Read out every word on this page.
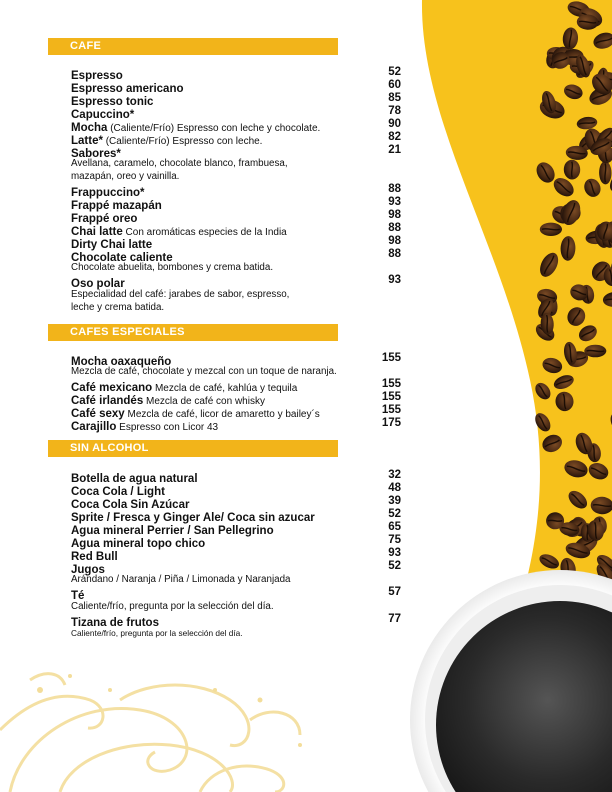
CAFE
CAFES ESPECIALES
SIN ALCOHOL
Espresso	52
Espresso americano	60
Espresso tonic	85
Capuccino*	78
Mocha (Caliente/Frío) Espresso con leche y chocolate.	90
Latte* (Caliente/Frío) Espresso con leche.	82
Sabores*	21
Avellana, caramelo, chocolate blanco, frambuesa,
mazapán, oreo y vainilla.
Frappuccino*	88
Frappé mazapán	93
Frappé oreo	98
Chai latte Con aromáticas especies de la India	88
Dirty Chai latte	98
Chocolate caliente	88
Chocolate abuelita, bombones y crema batida.
Oso polar	93
Especialidad del café: jarabes de sabor, espresso,
leche y crema batida.
Mocha oaxaqueño	155
Mezcla de café, chocolate y mezcal con un toque de naranja.
Café mexicano Mezcla de café, kahlúa y tequila	155
Café irlandés Mezcla de café con whisky	155
Café sexy Mezcla de café, licor de amaretto y bailey´s	155
Carajillo Espresso con Licor 43	175
Botella de agua natural	32
Coca Cola / Light	48
Coca Cola Sin Azúcar	39
Sprite / Fresca y Ginger Ale/ Coca sin azucar	52
Agua mineral Perrier / San Pellegrino	65
Agua mineral topo chico	75
Red Bull	93
Jugos	52
Arándano / Naranja / Piña / Limonada y Naranjada
Té	57
Caliente/frío, pregunta por la selección del día.
Tizana de frutos	77
Caliente/frío, pregunta por la selección del día.
